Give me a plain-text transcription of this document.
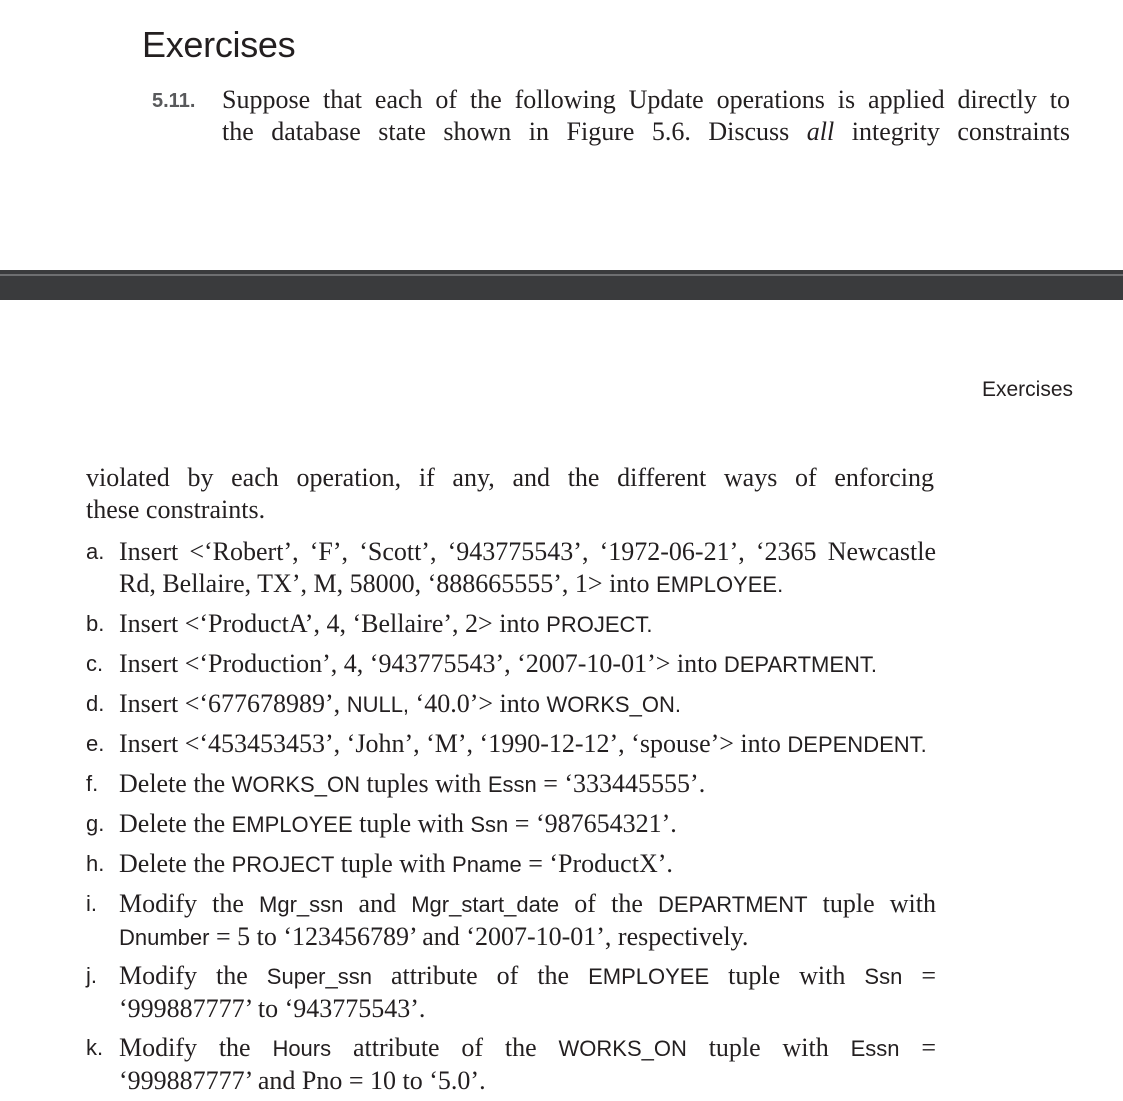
Exercises
5.11. Suppose that each of the following Update operations is applied directly to
the database state shown in Figure 5.6. Discuss all integrity constraints
Exercises
violated by each operation, if any, and the different ways of enforcing
these constraints.
a. Insert <‘Robert’, ‘F’, ‘Scott’, ‘943775543’, ‘1972-06-21’, ‘2365 Newcastle
Rd, Bellaire, TX’, M, 58000, ‘888665555’, 1> into EMPLOYEE.
b. Insert <‘ProductA’, 4, ‘Bellaire’, 2> into PROJECT.
c. Insert <‘Production’, 4, ‘943775543’, ‘2007-10-01’> into DEPARTMENT.
d. Insert <‘677678989’, NULL, ‘40.0’> into WORKS_ON.
e. Insert <‘453453453’, ‘John’, ‘M’, ‘1990-12-12’, ‘spouse’> into DEPENDENT.
f. Delete the WORKS_ON tuples with Essn = ‘333445555’.
g. Delete the EMPLOYEE tuple with Ssn = ‘987654321’.
h. Delete the PROJECT tuple with Pname = ‘ProductX’.
i. Modify the Mgr_ssn and Mgr_start_date of the DEPARTMENT tuple with
Dnumber = 5 to ‘123456789’ and ‘2007-10-01’, respectively.
j. Modify the Super_ssn attribute of the EMPLOYEE tuple with Ssn =
‘999887777’ to ‘943775543’.
k. Modify the Hours attribute of the WORKS_ON tuple with Essn =
‘999887777’ and Pno = 10 to ‘5.0’.
